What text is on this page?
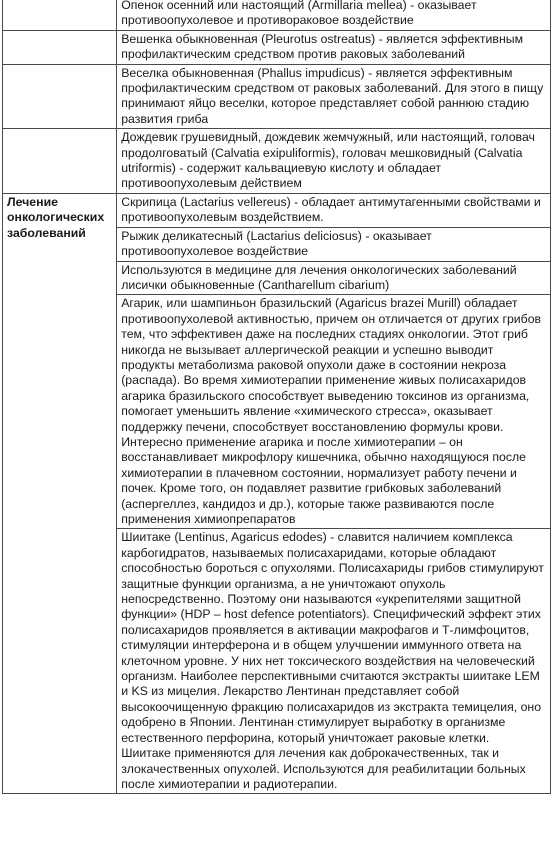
	Опенок осенний или настоящий (Armillaria mellea) - оказывает противоопухолевое и противораковое воздействие
	Вешенка обыкновенная (Pleurotus ostreatus) - является эффективным профилактическим средством против раковых заболеваний
	Веселка обыкновенная (Phallus impudicus) - является эффективным профилактическим средством от раковых заболеваний. Для этого в пищу принимают яйцо веселки, которое представляет собой раннюю стадию развития гриба
	Дождевик грушевидный, дождевик жемчужный, или настоящий, головач продолговатый (Calvatia exipuliformis), головач мешковидный (Calvatia utriformis) - содержит кальвациевую кислоту и обладает противоопухолевым действием
Лечение онкологических заболеваний	Скрипица (Lactarius vellereus) - обладает антимутагенными свойствами и противоопухолевым воздействием.
	Рыжик деликатесный (Lactarius deliciosus) - оказывает противоопухолевое воздействие
	Используются в медицине для лечения онкологических заболеваний лисички обыкновенные (Cantharellum cibarium)
	Агарик, или шампиньон бразильский (Agaricus brazei Murill) обладает противоопухолевой активностью, причем он отличается от других грибов тем, что эффективен даже на последних стадиях онкологии. Этот гриб никогда не вызывает аллергической реакции и успешно выводит продукты метаболизма раковой опухоли даже в состоянии некроза (распада). Во время химиотерапии применение живых полисахаридов агарика бразильского способствует выведению токсинов из организма, помогает уменьшить явление «химического стресса», оказывает поддержку печени, способствует восстановлению формулы крови. Интересно применение агарика и после химиотерапии – он восстанавливает микрофлору кишечника, обычно находящуюся после химиотерапии в плачевном состоянии, нормализует работу печени и почек. Кроме того, он подавляет развитие грибковых заболеваний (аспергеллез, кандидоз и др.), которые также развиваются после применения химиопрепаратов

	Шиитаке (Lentinus, Agaricus edodes) - славится наличием комплекса карбогидратов, называемых полисахаридами, которые обладают способностью бороться с опухолями. Полисахариды грибов стимулируют защитные функции организма, а не уничтожают опухоль непосредственно. Поэтому они называются «укрепителями защитной функции» (HDP – host defence potentiators). Специфический эффект этих полисахаридов проявляется в активации макрофагов и Т-лимфоцитов, стимуляции интерферона и в общем улучшении иммунного ответа на клеточном уровне. У них нет токсического воздействия на человеческий организм. Наиболее перспективными считаются экстракты шиитаке LEM и KS из мицелия. Лекарство Лентинан представляет собой высокоочищенную фракцию полисахаридов из экстракта темицелия, оно одобрено в Японии. Лентинан стимулирует выработку в организме естественного перфорина, который уничтожает раковые клетки.
Шиитаке применяются для лечения как доброкачественных, так и злокачественных опухолей. Используются для реабилитации больных после химиотерапии и радиотерапии.
